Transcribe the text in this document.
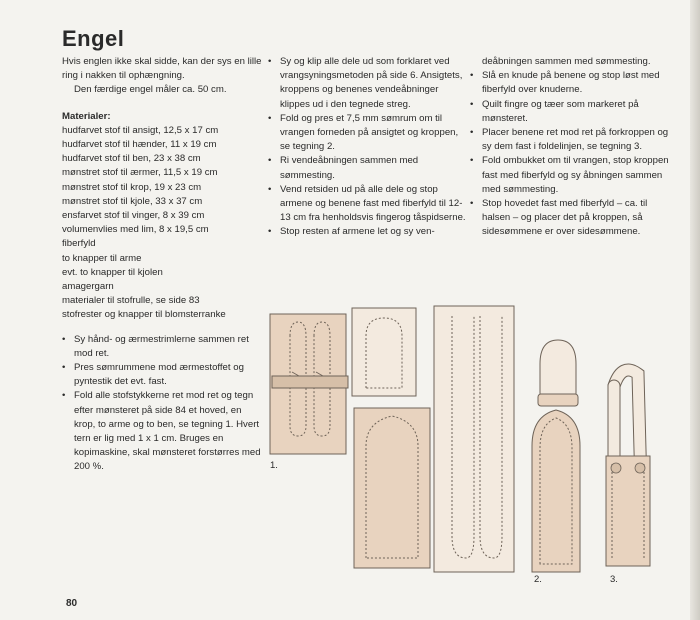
Engel

Hvis englen ikke skal sidde, kan der sys en lille ring i nakken til ophængning.

Den færdige engel måler ca. 50 cm.

Materialer:

hudfarvet stof til ansigt, 12,5 x 17 cm
hudfarvet stof til hænder, 11 x 19 cm
hudfarvet stof til ben, 23 x 38 cm
mønstret stof til ærmer, 11,5 x 19 cm
mønstret stof til krop, 19 x 23 cm
mønstret stof til kjole, 33 x 37 cm
ensfarvet stof til vinger, 8 x 39 cm
volumenvlies med lim, 8 x 19,5 cm
fiberfyld
to knapper til arme
evt. to knapper til kjolen
amagergarn
materialer til stofrulle, se side 83
stofrester og knapper til blomsterranke
• Sy hånd- og ærmestrimlerne sammen ret mod ret.
• Pres sømrummene mod ærmestoffet og pyntestik det evt. fast.
• Fold alle stofstykkerne ret mod ret og tegn efter mønsteret på side 84 et hoved, en krop, to arme og to ben, se tegning 1. Hvert tern er lig med 1 x 1 cm. Bruges en kopimaskine, skal mønsteret forstørres med 200 %.
• Sy og klip alle dele ud som forklaret ved vrangsyningsmetoden på side 6. Ansigtets, kroppens og benenes vendeåbninger klippes ud i den tegnede streg.
• Fold og pres et 7,5 mm sømrum om til vrangen forneden på ansigtet og kroppen, se tegning 2.
• Ri vendeåbningen sammen med sømmesting.
• Vend retsiden ud på alle dele og stop armene og benene fast med fiberfyld til 12-13 cm fra henholdsvis fingerog tåspidserne.
• Stop resten af armene let og sy ven-

deåbningen sammen med sømmesting.

• Slå en knude på benene og stop løst med fiberfyld over knuderne.
• Quilt fingre og tæer som markeret på mønsteret.
• Placer benene ret mod ret på forkroppen og sy dem fast i foldelinjen, se tegning 3.
• Fold ombukket om til vrangen, stop kroppen fast med fiberfyld og sy åbningen sammen med sømmesting.
• Stop hovedet fast med fiberfyld – ca. til halsen – og placer det på kroppen, så sidesømmene er over sidesømmene.
1.
2.	3.
80
